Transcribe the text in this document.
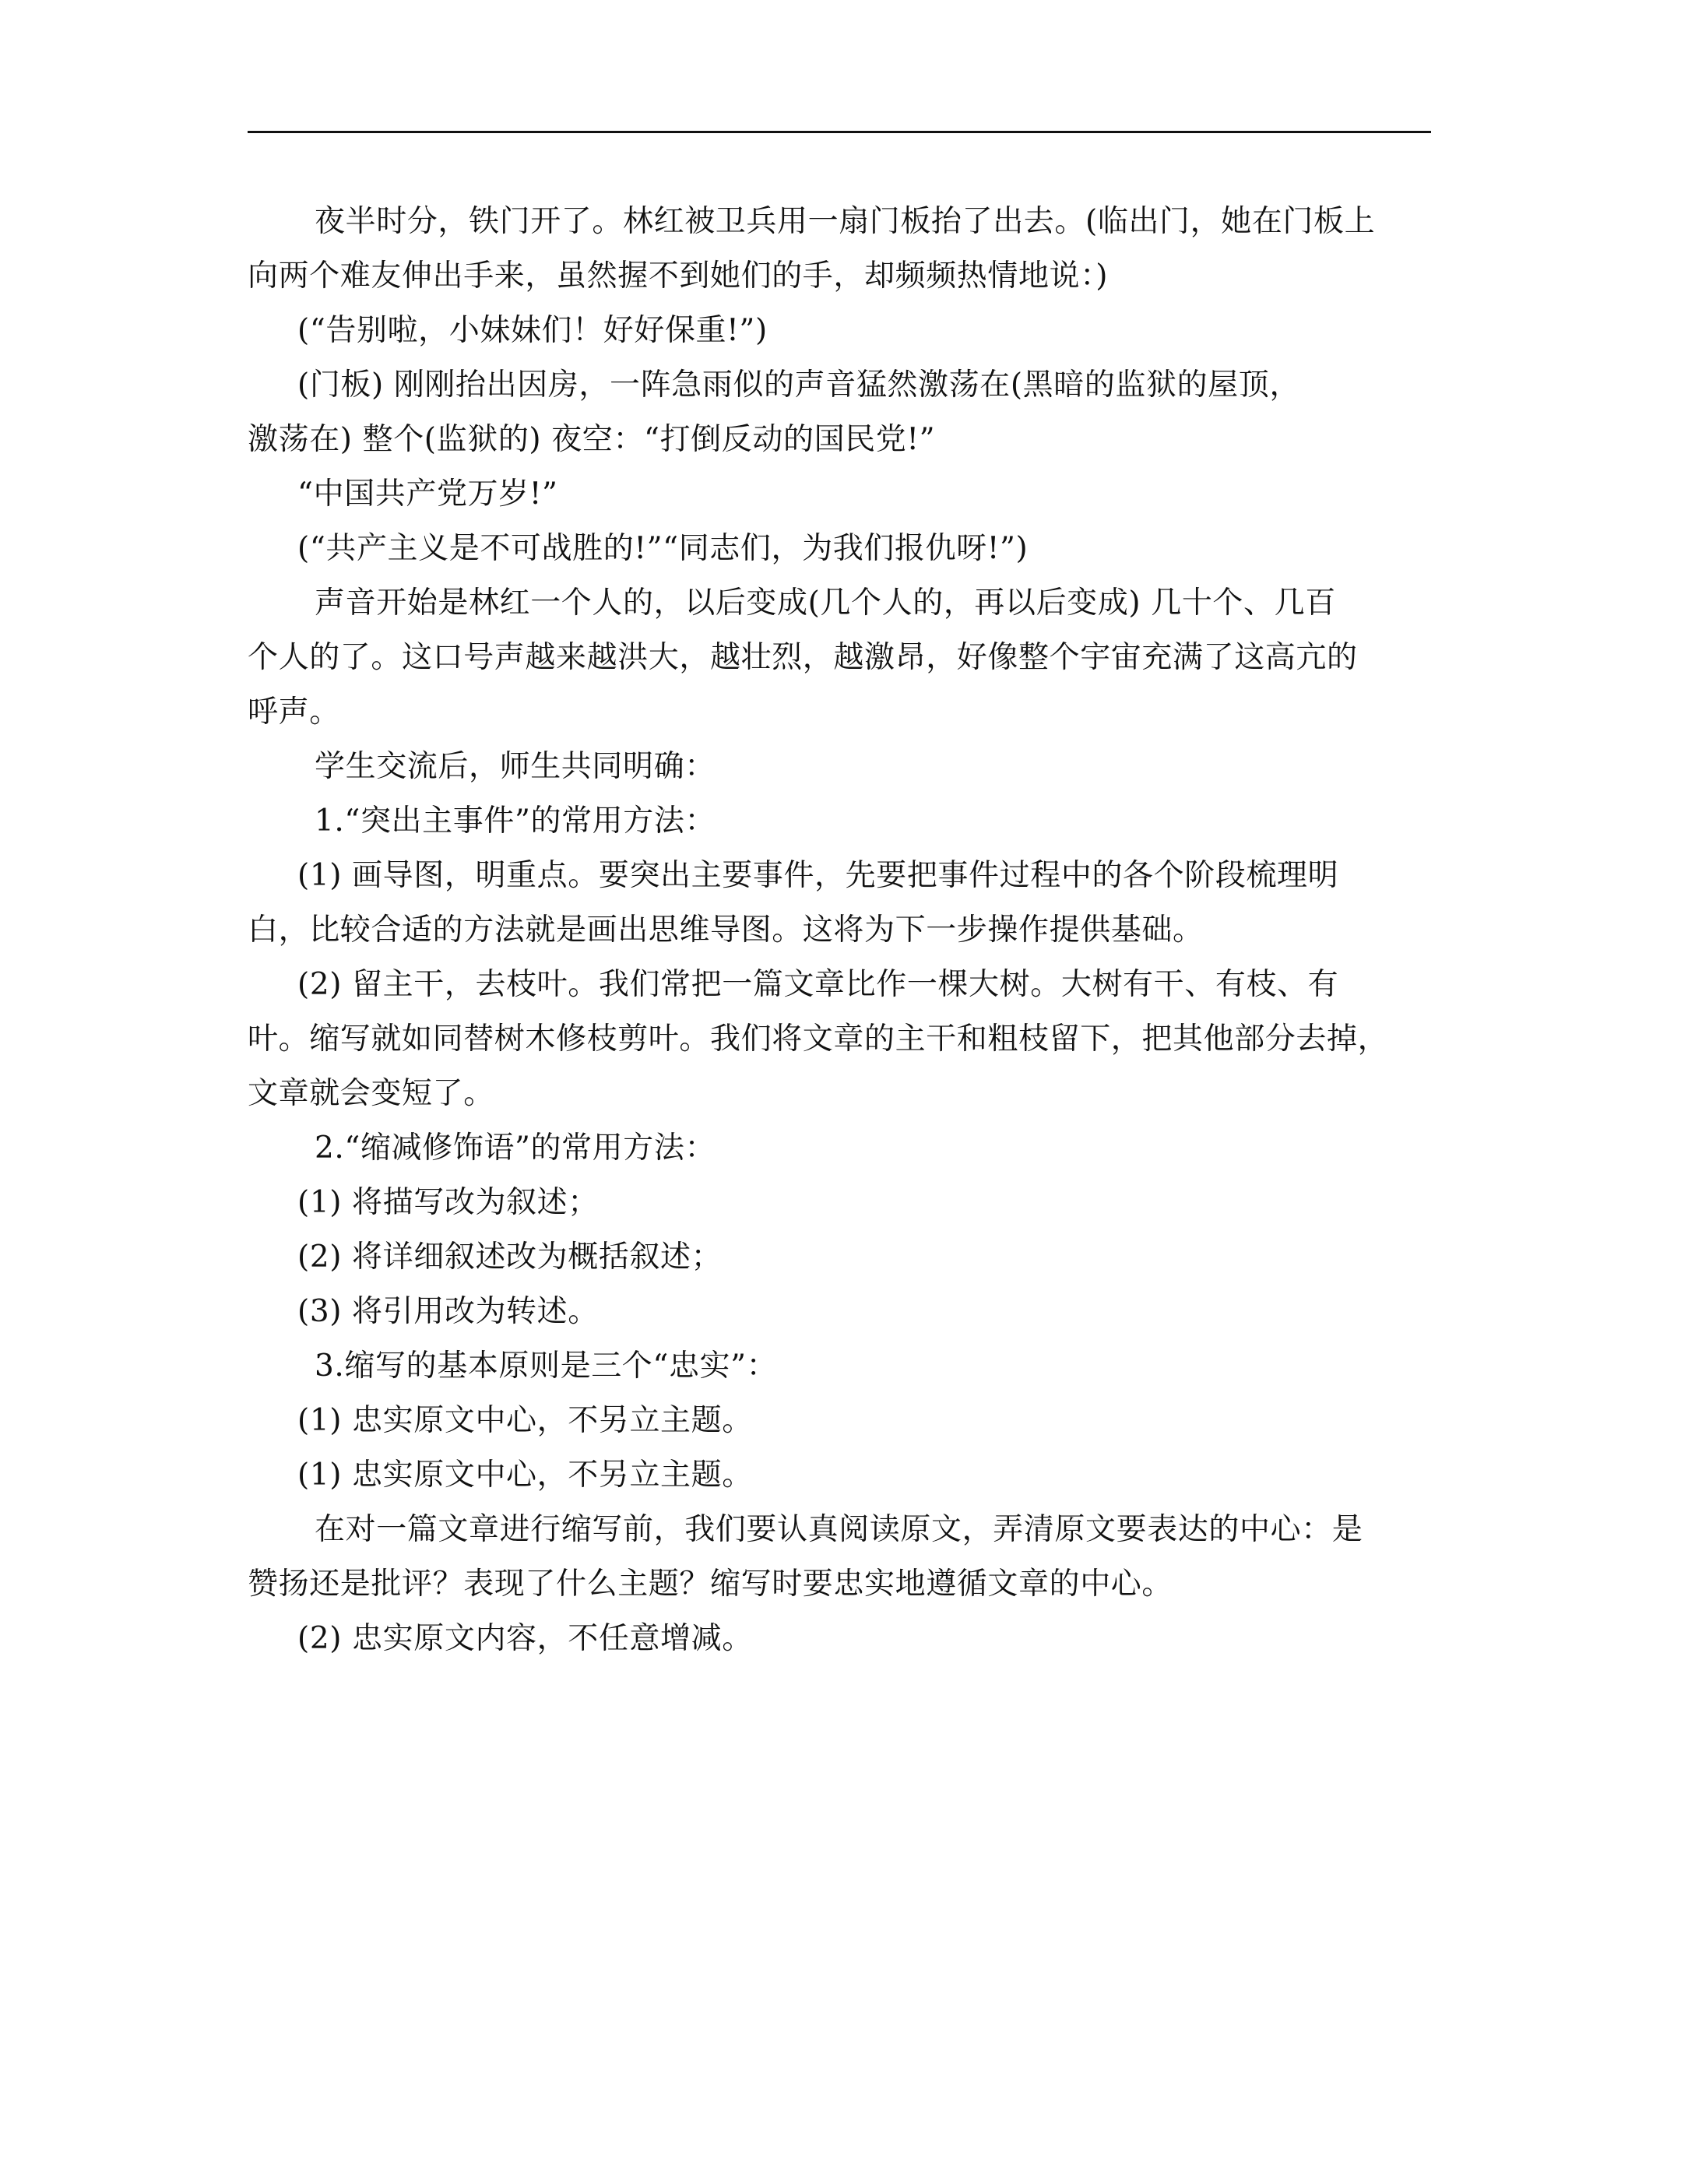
夜半时分，铁门开了。林红被卫兵用一扇门板抬了出去。(临出门，她在门板上
向两个难友伸出手来，虽然握不到她们的手，却频频热情地说：)
(“告别啦，小妹妹们！好好保重!”)
(门板) 刚刚抬出因房，一阵急雨似的声音猛然激荡在(黑暗的监狱的屋顶，
激荡在) 整个(监狱的) 夜空：“打倒反动的国民党!”
“中国共产党万岁!”
(“共产主义是不可战胜的!”“同志们，为我们报仇呀!”)
声音开始是林红一个人的，以后变成(几个人的，再以后变成) 几十个、几百
个人的了。这口号声越来越洪大，越壮烈，越激昂，好像整个宇宙充满了这高亢的
呼声。
学生交流后，师生共同明确：
1.“突出主事件”的常用方法：
(1) 画导图，明重点。要突出主要事件，先要把事件过程中的各个阶段梳理明
白，比较合适的方法就是画出思维导图。这将为下一步操作提供基础。
(2) 留主干，去枝叶。我们常把一篇文章比作一棵大树。大树有干、有枝、有
叶。缩写就如同替树木修枝剪叶。我们将文章的主干和粗枝留下，把其他部分去掉，
文章就会变短了。
2.“缩减修饰语”的常用方法：
(1) 将描写改为叙述；
(2) 将详细叙述改为概括叙述；
(3) 将引用改为转述。
3.缩写的基本原则是三个“忠实”：
(1) 忠实原文中心，不另立主题。
(1) 忠实原文中心，不另立主题。
在对一篇文章进行缩写前，我们要认真阅读原文，弄清原文要表达的中心：是
赞扬还是批评？表现了什么主题？缩写时要忠实地遵循文章的中心。
(2) 忠实原文内容，不任意增减。
